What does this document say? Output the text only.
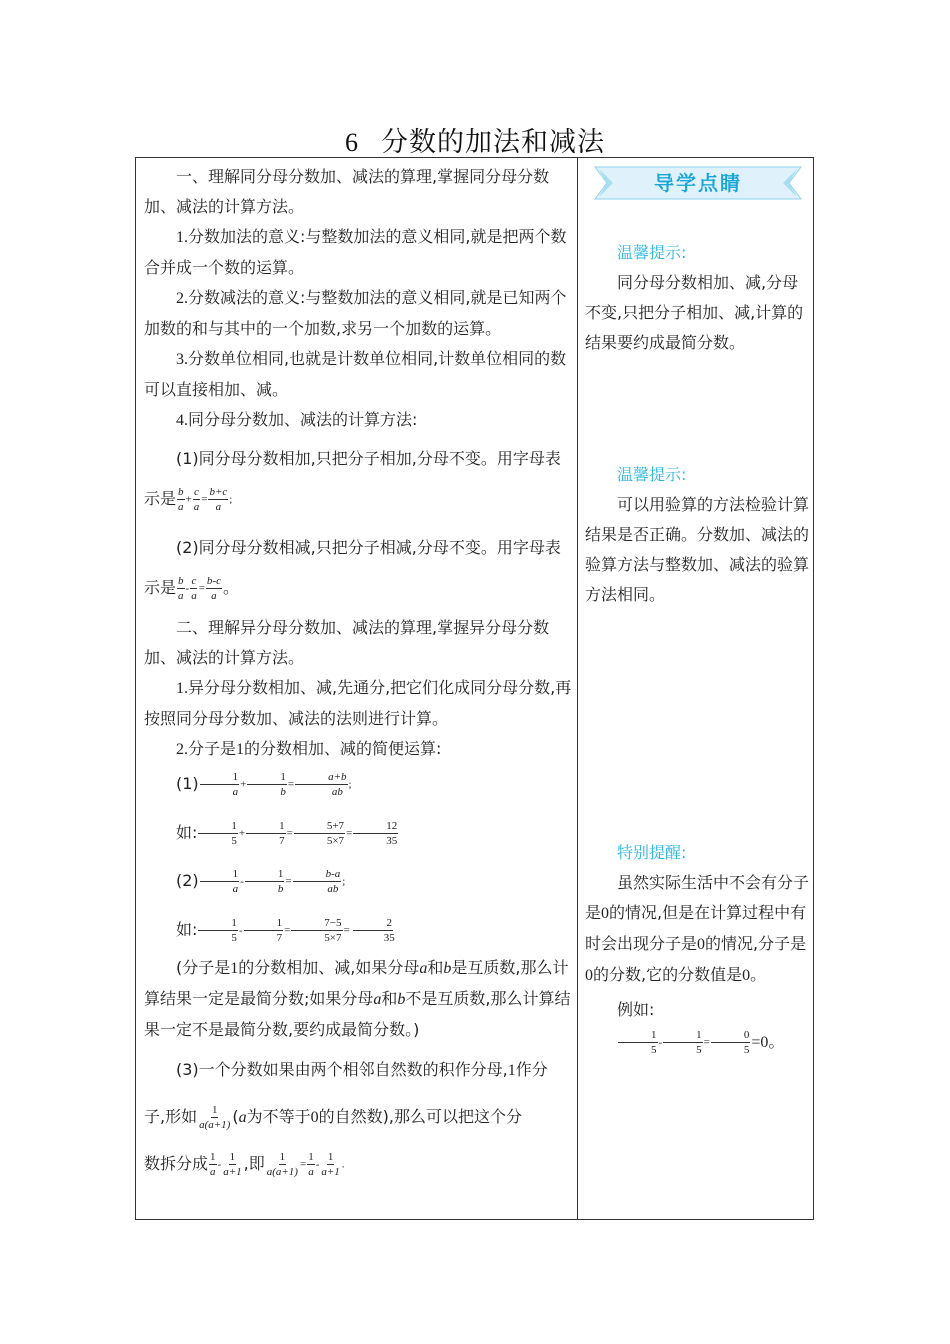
6 分数的加法和减法

一、理解同分母分数加、减法的算理,掌握同分母分数加、减法的计算方法。

1.分数加法的意义:与整数加法的意义相同,就是把两个数合并成一个数的运算。

2.分数减法的意义:与整数加法的意义相同,就是已知两个加数的和与其中的一个加数,求另一个加数的运算。

3.分数单位相同,也就是计数单位相同,计数单位相同的数可以直接相加、减。

4.同分母分数加、减法的计算方法:

(1)同分母分数相加,只把分子相加,分母不变。用字母表

示是 $\frac{b}{a} + \frac{c}{a} = \frac{b+c}{a}$ ;

(2)同分母分数相减,只把分子相减,分母不变。用字母表

示是 $\frac{b}{a} - \frac{c}{a} = \frac{b-c}{a}$ 。

二、理解异分母分数加、减法的算理,掌握异分母分数加、减法的计算方法。

1.异分母分数相加、减,先通分,把它们化成同分母分数,再按照同分母分数加、减法的法则进行计算。

2.分子是1的分数相加、减的简便运算:

$(1) \frac{1}{a} + \frac{1}{b} = \frac{a+b}{ab}$ ;

如: $\frac{1}{5} + \frac{1}{7} = \frac{5+7}{5\times 7} = \frac{12}{35}$

$(2) \frac{1}{a} - \frac{1}{b} = \frac{b-a}{ab}$ ;

如: $\frac{1}{5} - \frac{1}{7} = \frac{7-5}{5\times 7} = \frac{2}{35}$

(分子是1的分数相加、减,如果分母a和b是互质数,那么计算结果一定是最简分数;如果分母a和b不是互质数,那么计算结果一定不是最简分数,要约成最简分数。)

(3)一个分数如果由两个相邻自然数的积作分母,1作分

子,形如 $\frac{1}{a(a+1)} (a$为不等于0的自然数),那么可以把这个分

数拆分成 $\frac{1}{a} - \frac{1}{a+1}$ ,即 $\frac{1}{a(a+1)} = \frac{1}{a} - \frac{1}{a+1}$ .

导学点睛

温馨提示:

同分母分数相加、减,分母不变,只把分子相加、减,计算的结果要约成最简分数。

温馨提示:

可以用验算的方法检验计算结果是否正确。分数加、减法的验算方法与整数加、减法的验算方法相同。

特别提醒:

虽然实际生活中不会有分子是0的情况,但是在计算过程中有时会出现分子是0的情况,分子是0的分数,它的分数值是0。

例如:

$\frac{1}{5} - \frac{1}{5} = \frac{0}{5} =0$。
